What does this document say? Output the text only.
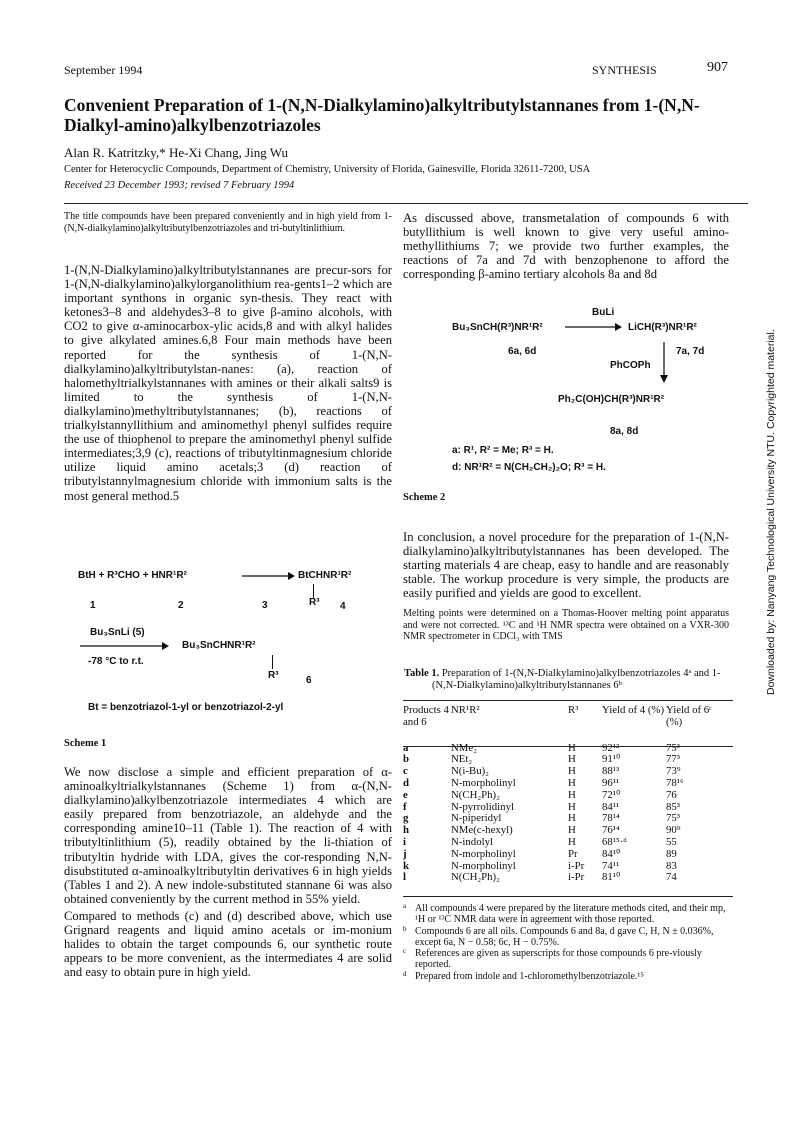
September 1994	SYNTHESIS	907
Convenient Preparation of 1-(N,N-Dialkylamino)alkyltributylstannanes from 1-(N,N-Dialkyl-amino)alkylbenzotriazoles
Alan R. Katritzky,* He-Xi Chang, Jing Wu
Center for Heterocyclic Compounds, Department of Chemistry, University of Florida, Gainesville, Florida 32611-7200, USA
Received 23 December 1993; revised 7 February 1994
The title compounds have been prepared conveniently and in high yield from 1-(N,N-dialkylamino)alkyltributylbenzotriazoles and tri-butyltinlithium.

1-(N,N-Dialkylamino)alkyltributylstannanes are precur-sors for 1-(N,N-dialkylamino)alkylorganolithium rea-gents1–2 which are important synthons in organic syn-thesis. They react with ketones3–8 and aldehydes3–8 to give β-amino alcohols, with CO2 to give α-aminocarbox-ylic acids,8 and with alkyl halides to give alkylated amines.6,8 Four main methods have been reported for the synthesis of 1-(N,N-dialkylamino)alkyltributylstan-nanes: (a), reaction of halomethyltrialkylstannanes with amines or their alkali salts9 is limited to the synthesis of 1-(N,N-dialkylamino)methyltributylstannanes; (b), reactions of trialkylstannyllithium and aminomethyl phenyl sulfides require the use of thiophenol to prepare the aminomethyl phenyl sulfide intermediates;3,9 (c), reactions of tributyltinmagnesium chloride utilize liquid amino acetals;3 (d) reaction of tributylstannylmagnesium chloride with immonium salts is the most general method.5

BtH + R³CHO + HNR¹R²	→ BtCHNR¹R²
R³
1	2	3	4
Bu₃SnLi (5)
Bu₃SnCHNR¹R²
-78 °C to r.t.
R³	6
Bt = benzotriazol-1-yl or benzotriazol-2-yl
Scheme 1

We now disclose a simple and efficient preparation of α-aminoalkyltrialkylstannanes (Scheme 1) from α-(N,N-dialkylamino)alkylbenzotriazole intermediates 4 which are easily prepared from benzotriazole, an aldehyde and the corresponding amine10–11 (Table 1). The reaction of 4 with tributyltinlithium (5), readily obtained by the li-thiation of tributyltin hydride with LDA, gives the cor-responding N,N-disubstituted α-aminoalkyltributyltin derivatives 6 in high yields (Tables 1 and 2). A new indole-substituted stannane 6i was also obtained conveniently by the current method in 55% yield.

Compared to methods (c) and (d) described above, which use Grignard reagents and liquid amino acetals or im-monium halides to obtain the target compounds 6, our synthetic route appears to be more convenient, as the intermediates 4 are solid and easy to obtain pure in high yield.

As discussed above, transmetalation of compounds 6 with butyllithium is well known to give very useful amino-methyllithiums 7; we provide two further examples, the reactions of 7a and 7d with benzophenone to afford the corresponding β-amino tertiary alcohols 8a and 8d

BuLi
Bu₃SnCH(R³)NR¹R² → LiCH(R³)NR¹R²
6a, 6d	7a, 7d
PhCOPh
Ph₂C(OH)CH(R³)NR¹R²
8a, 8d
a: R¹, R² = Me; R³ = H.
d: NR¹R² = N(CH₂CH₂)₂O; R³ = H.
Scheme 2
In conclusion, a novel procedure for the preparation of 1-(N,N-dialkylamino)alkyltributylstannanes has been developed. The starting materials 4 are cheap, easy to handle and are reasonably stable. The workup procedure is very simple, the products are easily purified and yields are good to excellent.
Melting points were determined on a Thomas-Hoover melting point apparatus and were not corrected. ¹³C and ¹H NMR spectra were obtained on a VXR-300 NMR spectrometer in CDCl₃ with TMS
Table 1. Preparation of 1-(N,N-Dialkylamino)alkylbenzotriazoles 4ᵃ and 1-(N,N-Dialkylamino)alkyltributylstannanes 6ᵇ
Products 4 and 6	NR¹R²	R³	Yield of 4 (%)	Yield of 6ᶜ (%)
a	NMe₂	H	92¹²	75³
b	NEt₂	H	91¹⁰	77³
c	N(i-Bu)₂	H	88¹³	73⁹
d	N-morpholinyl	H	96¹¹	78¹⁶
e	N(CH₂Ph)₂	H	72¹⁰	76
f	N-pyrrolidinyl	H	84¹¹	85³
g	N-piperidyl	H	78¹⁴	75³
h	NMe(c-hexyl)	H	76¹⁴	90⁹
i	N-indolyl	H	68¹⁵·ᵈ	55
j	N-morpholinyl	Pr	84¹⁰	89
k	N-morpholinyl	i-Pr	74¹¹	83
l	N(CH₂Ph)₂	i-Pr	81¹⁰	74
a All compounds 4 were prepared by the literature methods cited, and their mp, ¹H or ¹³C NMR data were in agreement with those reported.
b Compounds 6 are all oils. Compounds 6 and 8a, d gave C, H, N ± 0.036%, except 6a, N − 0.58; 6c, H − 0.75%.
c References are given as superscripts for those compounds 6 pre-viously reported.
d Prepared from indole and 1-chloromethylbenzotriazole.¹⁵
Downloaded by: Nanyang Technological University NTU. Copyrighted material.
